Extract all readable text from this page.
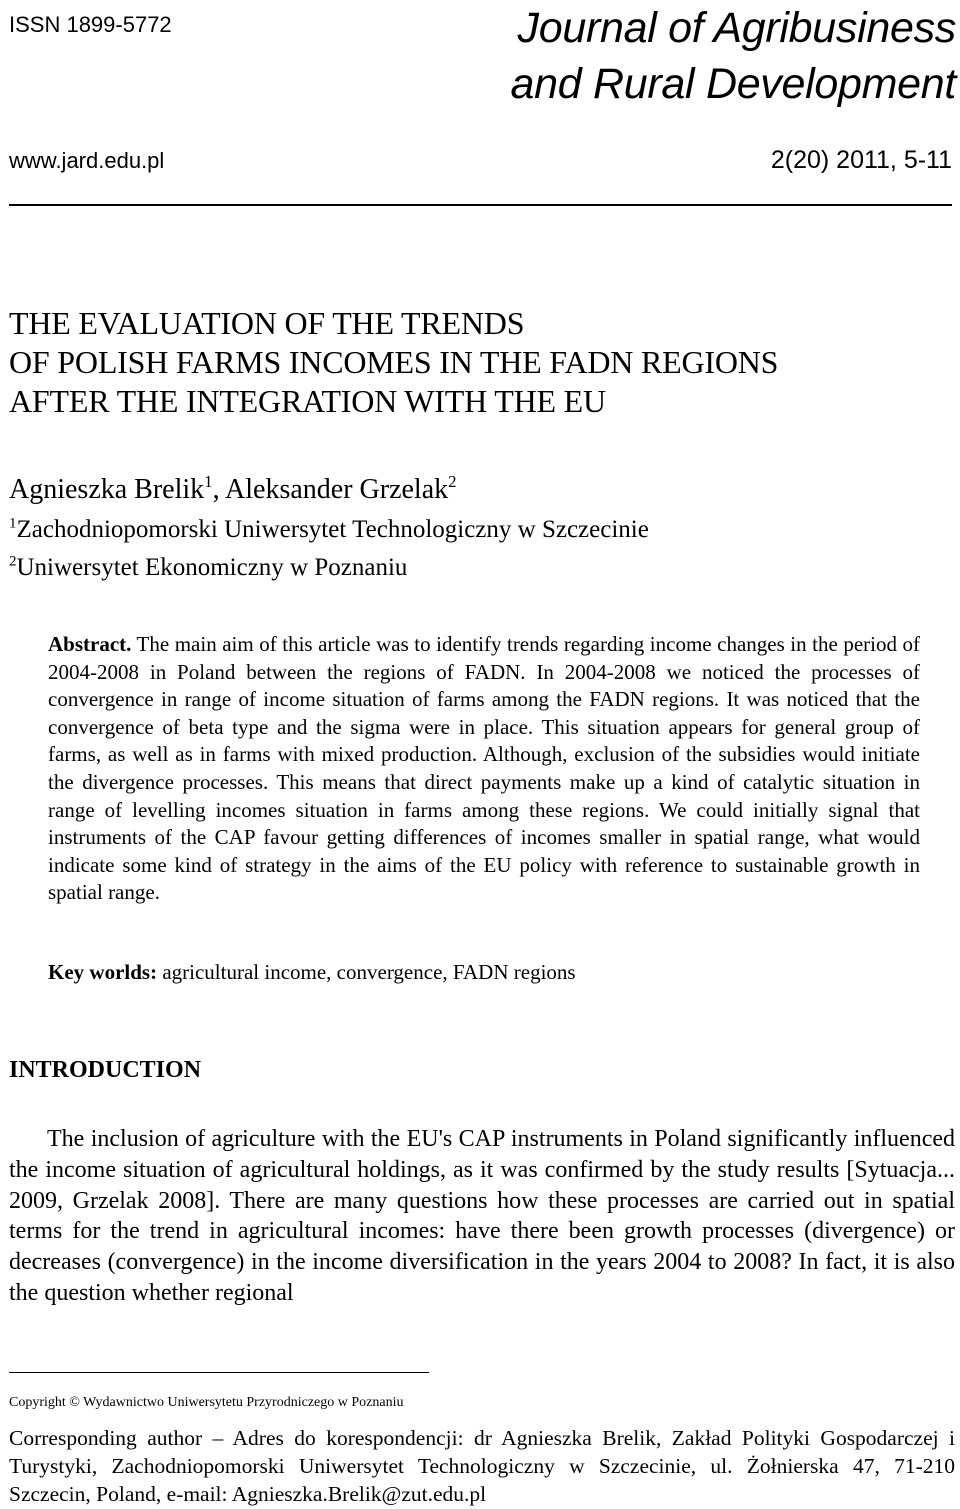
ISSN 1899-5772	Journal of Agribusiness
and Rural Development
www.jard.edu.pl	2(20) 2011, 5-11
THE EVALUATION OF THE TRENDS
OF POLISH FARMS INCOMES IN THE FADN REGIONS
AFTER THE INTEGRATION WITH THE EU
Agnieszka Brelik$^1$, Aleksander Grzelak$^2$
$^1$Zachodniopomorski Uniwersytet Technologiczny w Szczecinie
$^2$Uniwersytet Ekonomiczny w Poznaniu

Abstract. The main aim of this article was to identify trends regarding income changes in the period of 2004-2008 in Poland between the regions of FADN. In 2004-2008 we noticed the processes of convergence in range of income situation of farms among the FADN regions. It was noticed that the convergence of beta type and the sigma were in place. This situation appears for general group of farms, as well as in farms with mixed production. Although, exclusion of the subsidies would initiate the divergence processes. This means that direct payments make up a kind of catalytic situation in range of levelling incomes situation in farms among these regions. We could initially signal that instruments of the CAP favour getting differences of incomes smaller in spatial range, what would indicate some kind of strategy in the aims of the EU policy with reference to sustainable growth in spatial range.

Key worlds: agricultural income, convergence, FADN regions
INTRODUCTION

The inclusion of agriculture with the EU's CAP instruments in Poland significantly influenced the income situation of agricultural holdings, as it was confirmed by the study results [Sytuacja... 2009, Grzelak 2008]. There are many questions how these processes are carried out in spatial terms for the trend in agricultural incomes: have there been growth processes (divergence) or decreases (convergence) in the income diversification in the years 2004 to 2008? In fact, it is also the question whether regional

Copyright © Wydawnictwo Uniwersytetu Przyrodniczego w Poznaniu

Corresponding author – Adres do korespondencji: dr Agnieszka Brelik, Zakład Polityki Gospodarczej i Turystyki, Zachodniopomorski Uniwersytet Technologiczny w Szczecinie, ul. Żołnierska 47, 71-210 Szczecin, Poland, e-mail: Agnieszka.Brelik@zut.edu.pl
